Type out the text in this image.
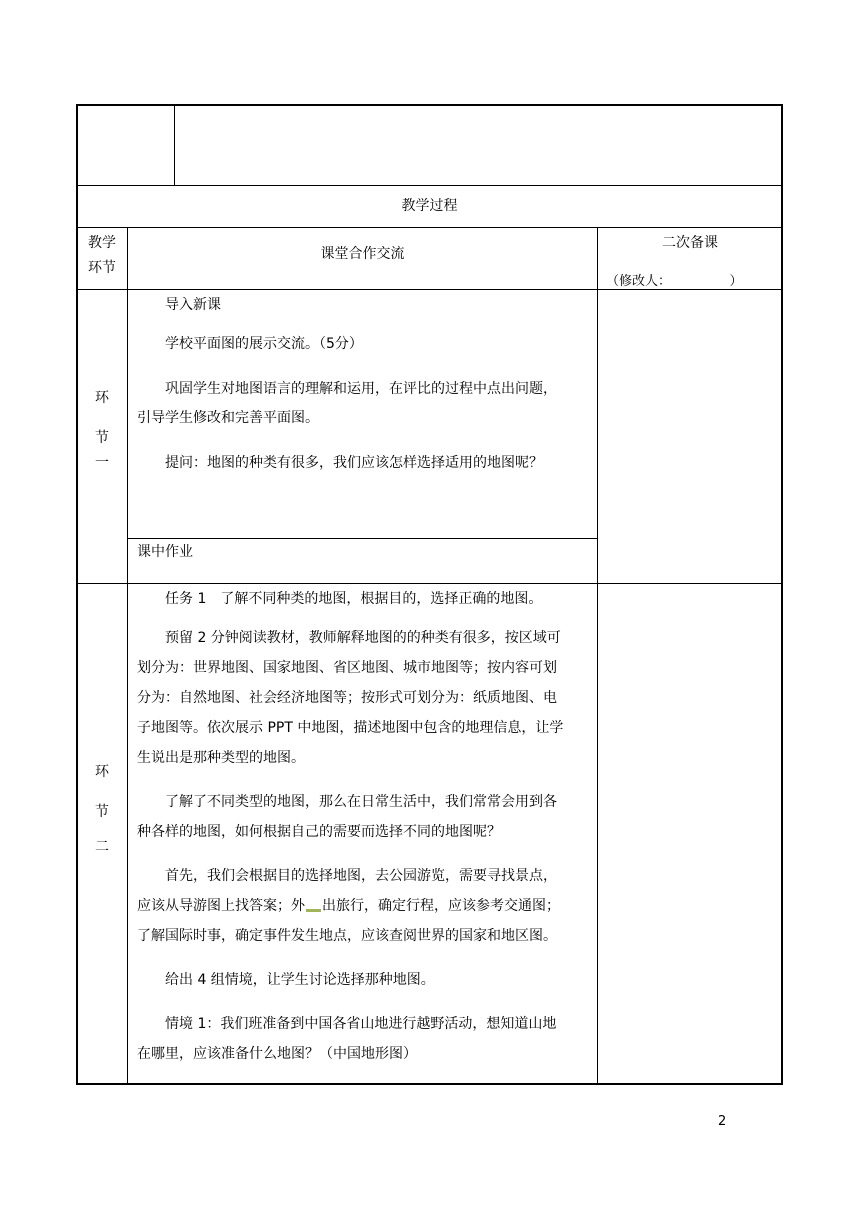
教学过程
教学
环节
课堂合作交流
二次备课
（修改人：　　　　　）
环
节
一
导入新课
学校平面图的展示交流。（5分）
巩固学生对地图语言的理解和运用，在评比的过程中点出问题，
引导学生修改和完善平面图。
提问：地图的种类有很多，我们应该怎样选择适用的地图呢？
课中作业
环
节
二
任务 1　了解不同种类的地图，根据目的，选择正确的地图。
预留 2 分钟阅读教材，教师解释地图的的种类有很多，按区域可
划分为：世界地图、国家地图、省区地图、城市地图等；按内容可划
分为：自然地图、社会经济地图等；按形式可划分为：纸质地图、电
子地图等。依次展示 PPT 中地图，描述地图中包含的地理信息，让学
生说出是那种类型的地图。
了解了不同类型的地图，那么在日常生活中，我们常常会用到各
种各样的地图，如何根据自己的需要而选择不同的地图呢？
首先，我们会根据目的选择地图，去公园游览，需要寻找景点，
应该从导游图上找答案；外 出旅行，确定行程，应该参考交通图；
了解国际时事，确定事件发生地点，应该查阅世界的国家和地区图。
给出 4 组情境，让学生讨论选择那种地图。
情境 1：我们班准备到中国各省山地进行越野活动，想知道山地
在哪里，应该准备什么地图？（中国地形图）
2
